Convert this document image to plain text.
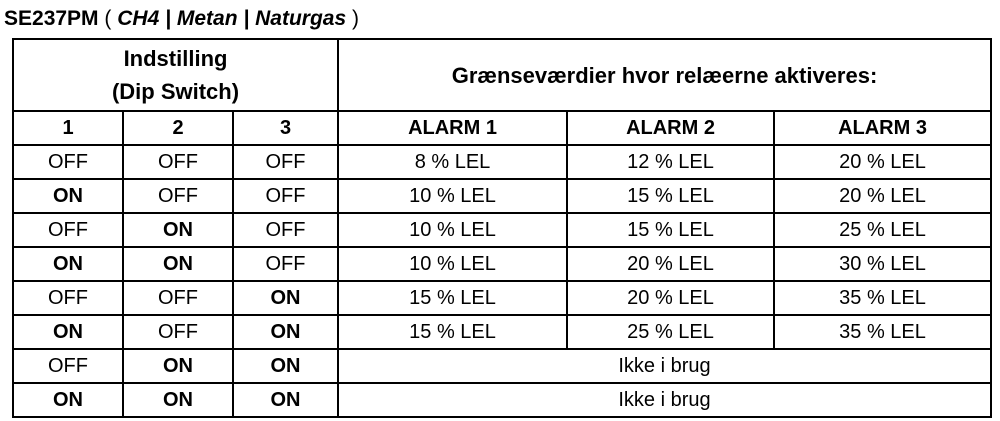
SE237PM ( CH4 | Metan | Naturgas )
Indstilling
(Dip Switch)			Grænseværdier hvor relæerne aktiveres:		
1	2	3	ALARM 1	ALARM 2	ALARM 3
OFF	OFF	OFF	8 % LEL	12 % LEL	20 % LEL
ON	OFF	OFF	10 % LEL	15 % LEL	20 % LEL
OFF	ON	OFF	10 % LEL	15 % LEL	25 % LEL
ON	ON	OFF	10 % LEL	20 % LEL	30 % LEL
OFF	OFF	ON	15 % LEL	20 % LEL	35 % LEL
ON	OFF	ON	15 % LEL	25 % LEL	35 % LEL
OFF	ON	ON	Ikke i brug		
ON	ON	ON	Ikke i brug		
